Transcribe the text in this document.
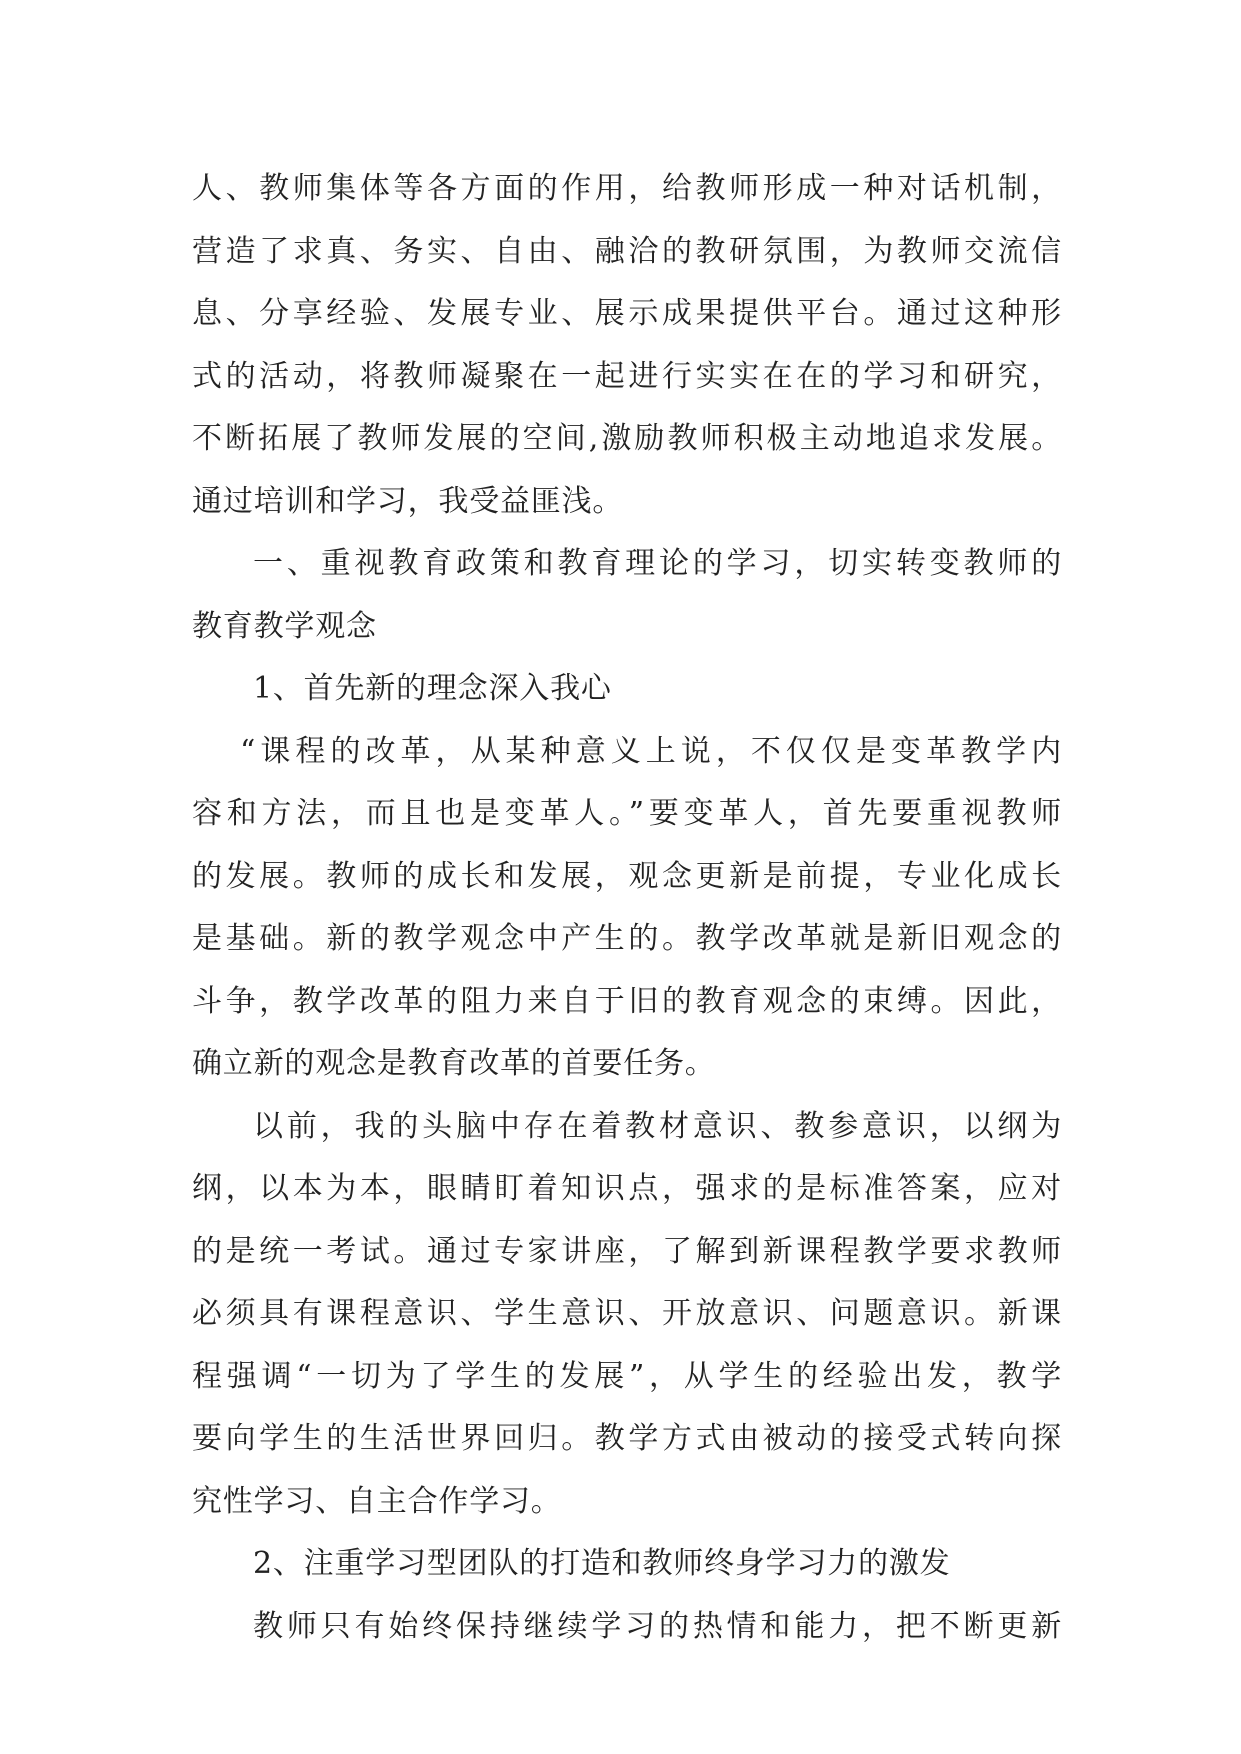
人、教师集体等各方面的作用，给教师形成一种对话机制，
营造了求真、务实、自由、融洽的教研氛围，为教师交流信
息、分享经验、发展专业、展示成果提供平台。通过这种形
式的活动，将教师凝聚在一起进行实实在在的学习和研究，
不断拓展了教师发展的空间,激励教师积极主动地追求发展。
通过培训和学习，我受益匪浅。
一、重视教育政策和教育理论的学习，切实转变教师的
教育教学观念
1、首先新的理念深入我心
“课程的改革，从某种意义上说，不仅仅是变革教学内
容和方法，而且也是变革人。”要变革人，首先要重视教师
的发展。教师的成长和发展，观念更新是前提，专业化成长
是基础。新的教学观念中产生的。教学改革就是新旧观念的
斗争，教学改革的阻力来自于旧的教育观念的束缚。因此，
确立新的观念是教育改革的首要任务。
以前，我的头脑中存在着教材意识、教参意识，以纲为
纲，以本为本，眼睛盯着知识点，强求的是标准答案，应对
的是统一考试。通过专家讲座，了解到新课程教学要求教师
必须具有课程意识、学生意识、开放意识、问题意识。新课
程强调“一切为了学生的发展”，从学生的经验出发，教学
要向学生的生活世界回归。教学方式由被动的接受式转向探
究性学习、自主合作学习。
2、注重学习型团队的打造和教师终身学习力的激发
教师只有始终保持继续学习的热情和能力，把不断更新
